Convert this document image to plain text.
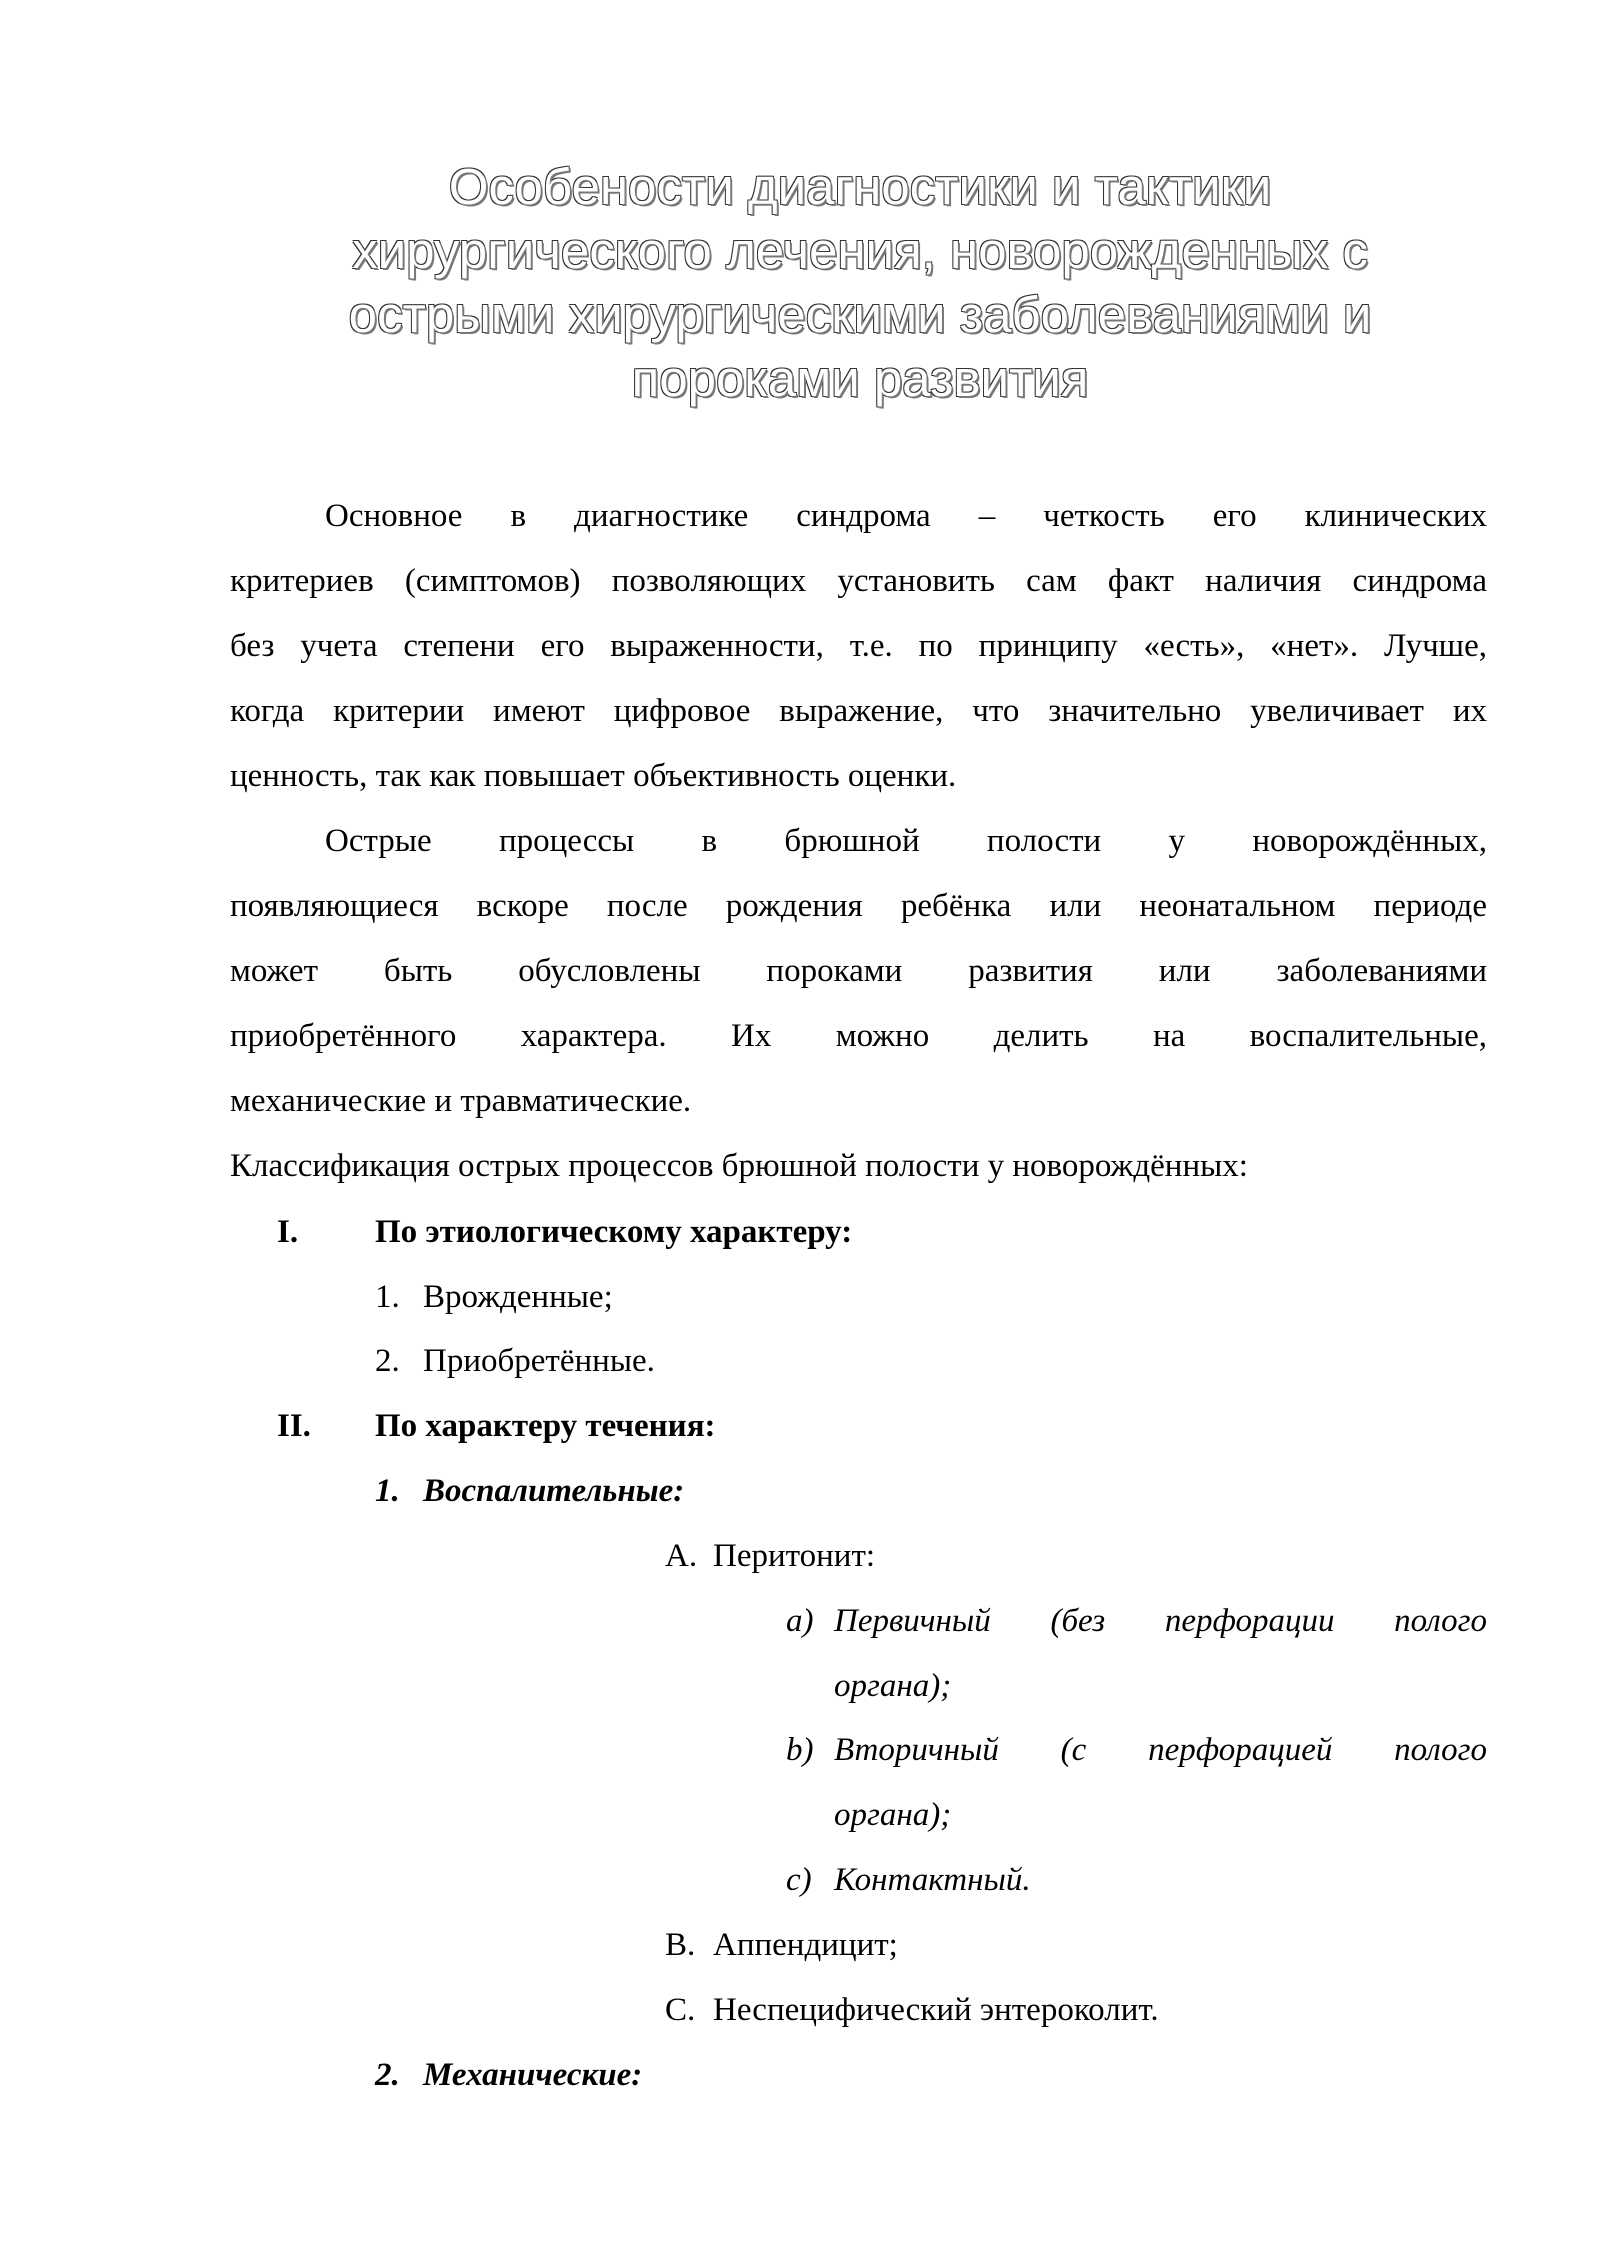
Особености диагностики и тактики
хирургического лечения, новорожденных с
острыми хирургическими заболеваниями и
пороками развития
Основное в диагностике синдрома – четкость его клинических
критериев (симптомов) позволяющих установить сам факт наличия синдрома
без учета степени его выраженности, т.е. по принципу «есть», «нет». Лучше,
когда критерии имеют цифровое выражение, что значительно увеличивает их
ценность, так как повышает объективность оценки.
Острые процессы в брюшной полости у новорождённых,
появляющиеся вскоре после рождения ребёнка или неонатальном периоде
может быть обусловлены пороками развития или заболеваниями
приобретённого характера. Их можно делить на воспалительные,
механические и травматические.

Классификация острых процессов брюшной полости у новорождённых:

I. По этиологическому характеру:

1. Врожденные;

2. Приобретённые.

II. По характеру течения:

1. Воспалительные:

A. Перитонит:

a) Первичный (без перфорации полого

органа);

b) Вторичный (с перфорацией полого

органа);

c) Контактный.

B. Аппендицит;

C. Неспецифический энтероколит.

2. Механические:
